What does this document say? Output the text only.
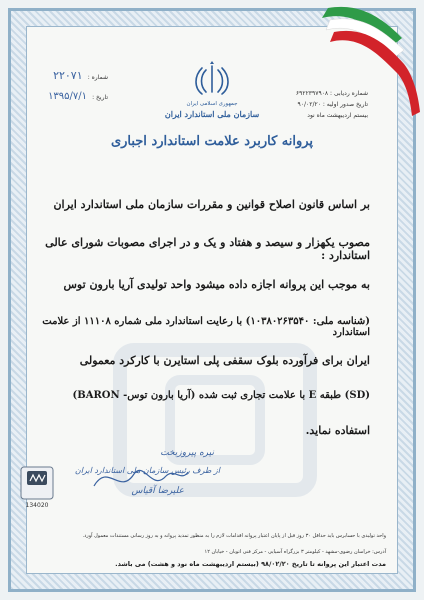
شماره : ۲۲۰۷۱
تاریخ : ۱۳۹۵/۷/۱
جمهوری اسلامی ایران
سازمان ملی استاندارد ایران
شماره ردیابی : ۶۹۲۲۳۹۷۹۰۸
تاریخ صدور اولیه : ۹۰/۰۲/۲۰
بیستم اردیبهشت ماه نود
پروانه کاربرد علامت استاندارد اجباری
بر اساس قانون اصلاح قوانین و مقررات سازمان ملی استاندارد ایران
مصوب یکهزار و سیصد و هفتاد و یک و در اجرای مصوبات شورای عالی استاندارد :
به موجب این پروانه اجازه داده میشود واحد تولیدی آریا بارون توس
(شناسه ملی: ۱۰۳۸۰۲۶۳۵۴۰) با رعایت استاندارد ملی شماره ۱۱۱۰۸ از علامت استاندارد
ایران برای فرآورده بلوک سقفی پلی استایرن با کارکرد معمولی
(SD) طبقه E با علامت تجاری ثبت شده (آریا بارون توس- BARON)
استفاده نماید.
134020
نیره پیروزبخت
از طرف رئیس سازمان ملی استاندارد ایران
علیرضا آقیاس
واحد تولیدی با حسابرس باید حداقل ۳۰ روز قبل از پایان اعتبار پروانه اقدامات لازم را به منظور تمدید پروانه و به روز رسانی مستندات معمول آورد.
آدرس: خراسان رضوی-مشهد - کیلومتر ۳ بزرگراه آسیایی - مرکز فنی اتوبان - خیابان ۱۲
مدت اعتبار این پروانه تا تاریخ ۹۸/۰۲/۲۰ (بیستم اردیبهشت ماه نود و هشت) می باشد.
